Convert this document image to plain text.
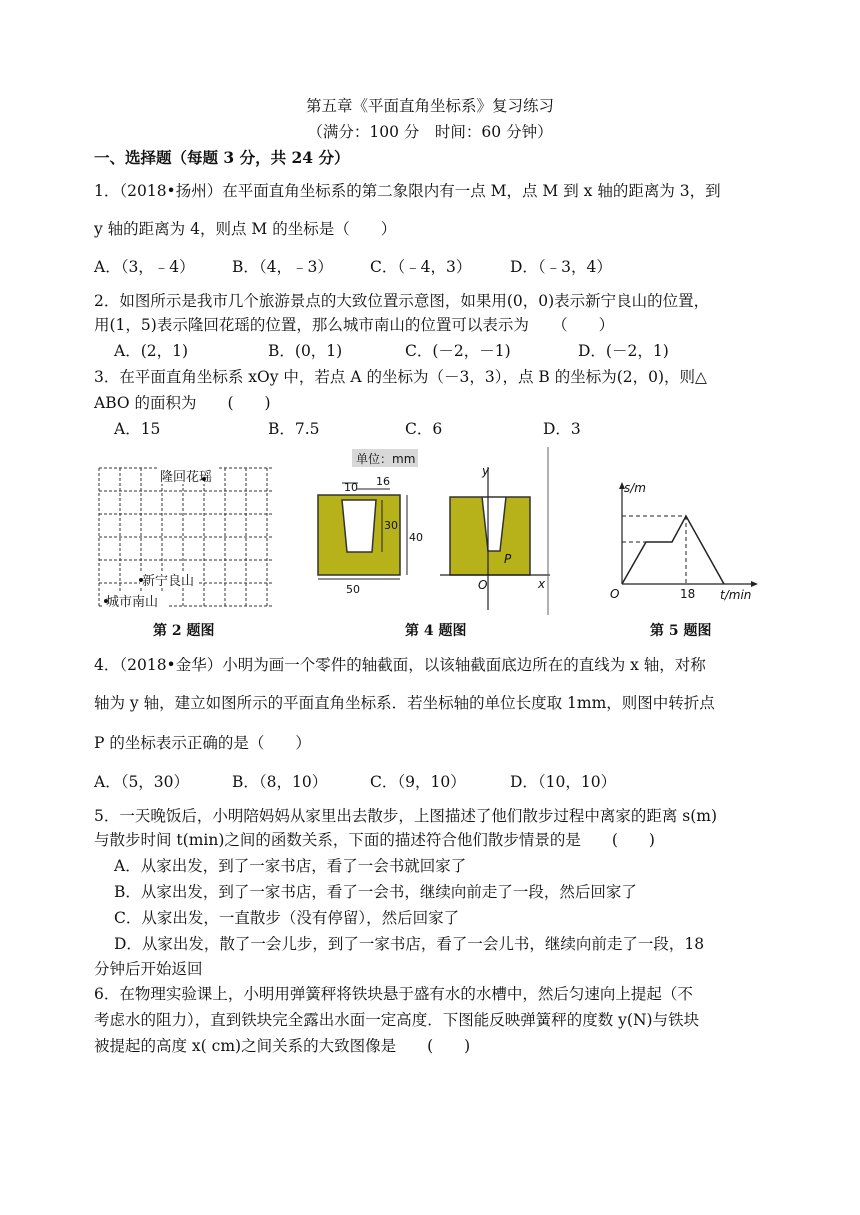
第五章《平面直角坐标系》复习练习
（满分：100 分　时间：60 分钟）
一、选择题（每题 3 分，共 24 分）
1．（2018•扬州）在平面直角坐标系的第二象限内有一点 M，点 M 到 x 轴的距离为 3，到
y 轴的距离为 4，则点 M 的坐标是（　　）
A．（3，﹣4） B．（4，﹣3） C．（﹣4，3） D．（﹣3，4）
2．如图所示是我市几个旅游景点的大致位置示意图，如果用(0，0)表示新宁良山的位置，
用(1，5)表示隆回花瑶的位置，那么城市南山的位置可以表示为　　（　　）
A．(2，1)	B．(0，1)	C．(－2，－1)	D．(－2，1)
3．在平面直角坐标系 xOy 中，若点 A 的坐标为（－3，3），点 B 的坐标为(2，0)，则△
ABO 的面积为　　(　　)
A．15	B．7.5	C．6	D．3
隆回花瑶
新宁良山
城市南山
第 2 题图
单位：mm
10 16
30
40
50
y
x
O
P
第 4 题图
s/m
t/min
O	18
第 5 题图
4．（2018•金华）小明为画一个零件的轴截面，以该轴截面底边所在的直线为 x 轴，对称
轴为 y 轴，建立如图所示的平面直角坐标系．若坐标轴的单位长度取 1mm，则图中转折点
P 的坐标表示正确的是（　　）
A．（5，30）	B．（8，10）	C．（9，10）	D．（10，10）
5．一天晚饭后，小明陪妈妈从家里出去散步，上图描述了他们散步过程中离家的距离 s(m)
与散步时间 t(min)之间的函数关系，下面的描述符合他们散步情景的是　　(　　)
A．从家出发，到了一家书店，看了一会书就回家了
B．从家出发，到了一家书店，看了一会书，继续向前走了一段，然后回家了
C．从家出发，一直散步（没有停留），然后回家了
D．从家出发，散了一会儿步，到了一家书店，看了一会儿书，继续向前走了一段，18
分钟后开始返回
6．在物理实验课上，小明用弹簧秤将铁块悬于盛有水的水槽中，然后匀速向上提起（不
考虑水的阻力），直到铁块完全露出水面一定高度．下图能反映弹簧秤的度数 y(N)与铁块
被提起的高度 x( cm)之间关系的大致图像是　　(　　)
